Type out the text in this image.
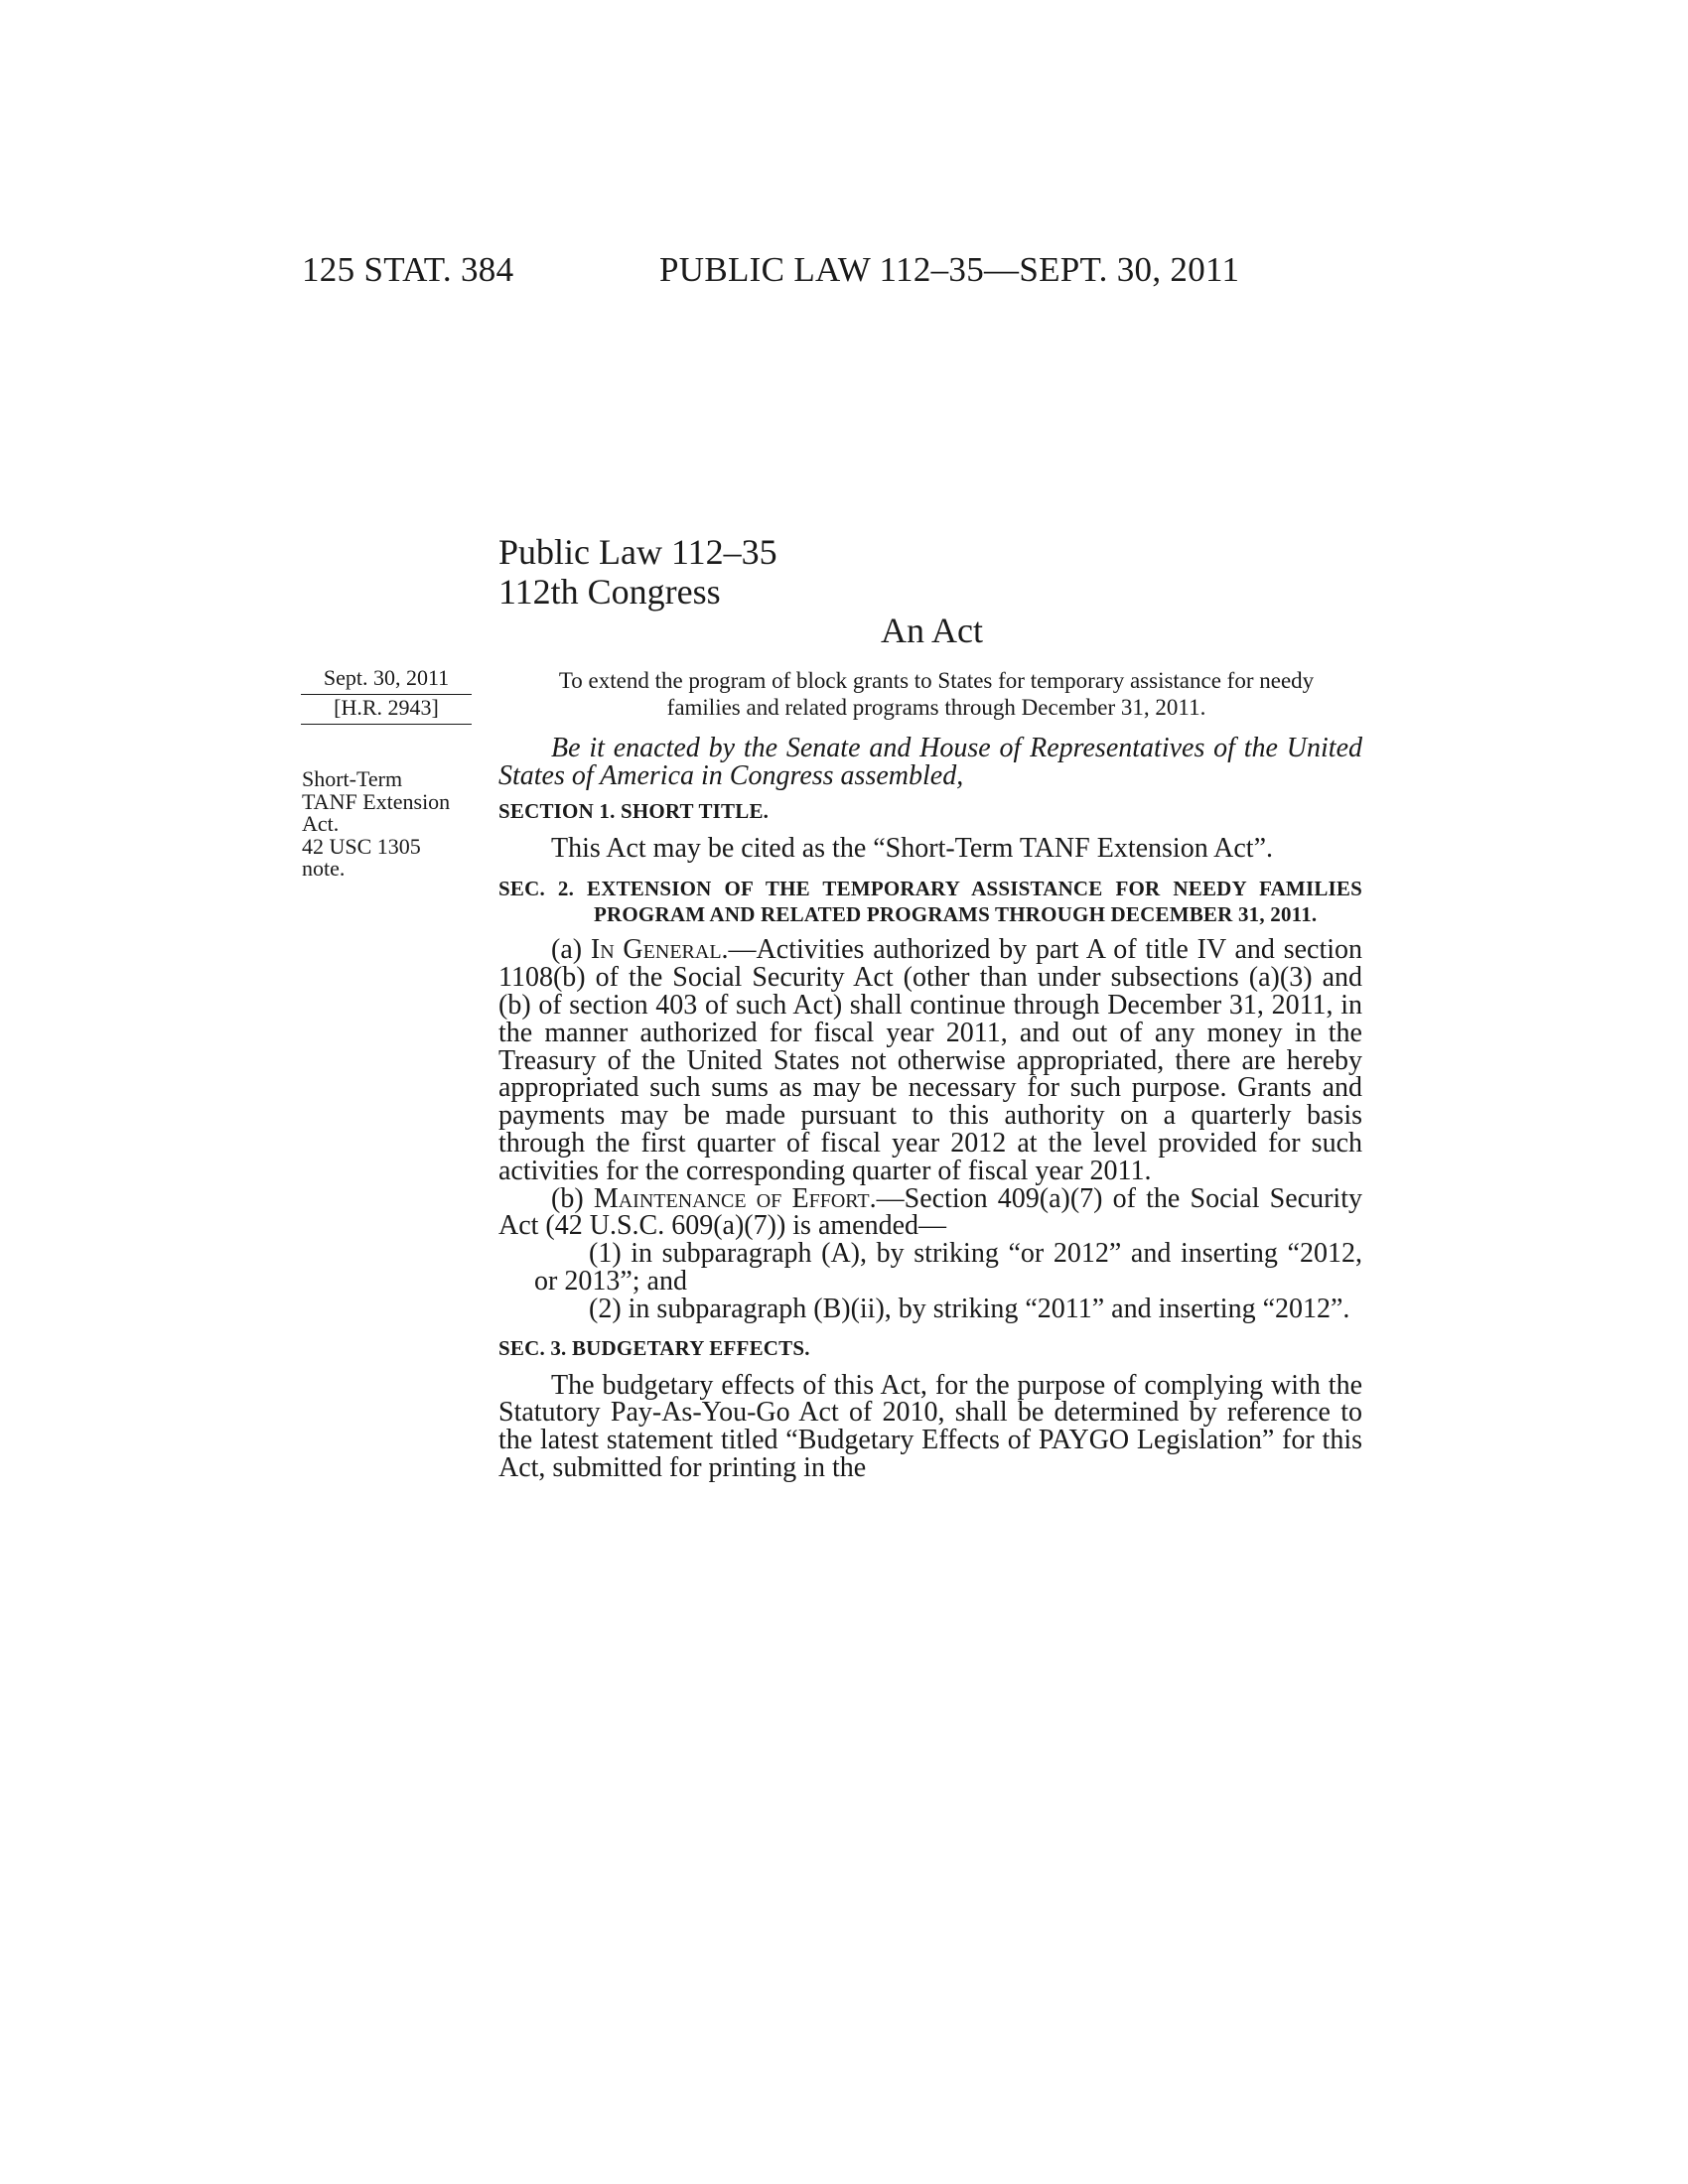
125 STAT. 384	PUBLIC LAW 112–35—SEPT. 30, 2011
Public Law 112–35
112th Congress
An Act
Sept. 30, 2011
[H.R. 2943]
Short-Term
TANF Extension
Act.
42 USC 1305
note.
To extend the program of block grants to States for temporary assistance for needy families and related programs through December 31, 2011.

Be it enacted by the Senate and House of Representatives of the United States of America in Congress assembled,

SECTION 1. SHORT TITLE.

This Act may be cited as the “Short-Term TANF Extension Act”.

SEC. 2. EXTENSION OF THE TEMPORARY ASSISTANCE FOR NEEDY FAMILIES PROGRAM AND RELATED PROGRAMS THROUGH DECEMBER 31, 2011.

(a) In General.—Activities authorized by part A of title IV and section 1108(b) of the Social Security Act (other than under subsections (a)(3) and (b) of section 403 of such Act) shall continue through December 31, 2011, in the manner authorized for fiscal year 2011, and out of any money in the Treasury of the United States not otherwise appropriated, there are hereby appropriated such sums as may be necessary for such purpose. Grants and payments may be made pursuant to this authority on a quarterly basis through the first quarter of fiscal year 2012 at the level provided for such activities for the corresponding quarter of fiscal year 2011.

(b) Maintenance of Effort.—Section 409(a)(7) of the Social Security Act (42 U.S.C. 609(a)(7)) is amended—

(1) in subparagraph (A), by striking “or 2012” and inserting “2012, or 2013”; and

(2) in subparagraph (B)(ii), by striking “2011” and inserting “2012”.

SEC. 3. BUDGETARY EFFECTS.

The budgetary effects of this Act, for the purpose of complying with the Statutory Pay-As-You-Go Act of 2010, shall be determined by reference to the latest statement titled “Budgetary Effects of PAYGO Legislation” for this Act, submitted for printing in the
